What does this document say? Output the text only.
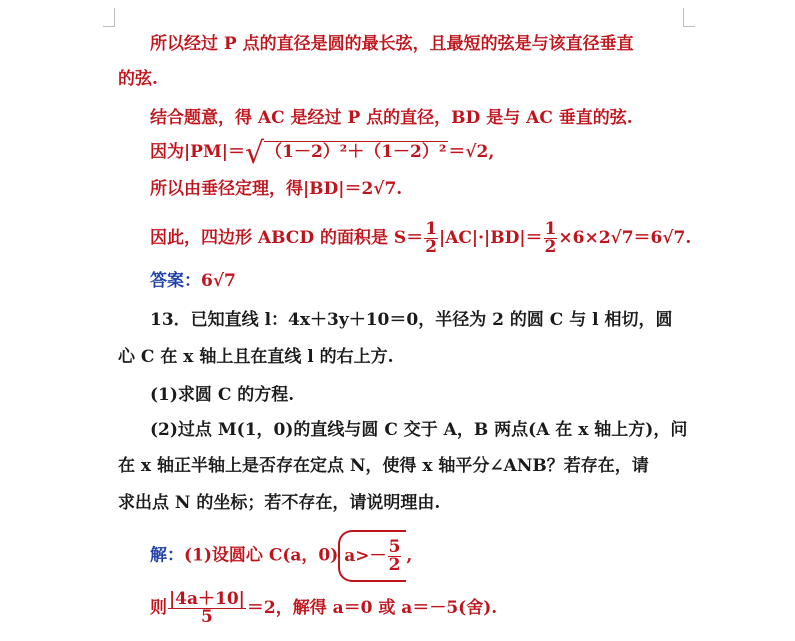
所以经过 P 点的直径是圆的最长弦，且最短的弦是与该直径垂直
的弦.
结合题意，得 AC 是经过 P 点的直径，BD 是与 AC 垂直的弦.
因为|PM|＝√（1－2）²＋（1－2）² ＝√2,
所以由垂径定理，得|BD|＝2√7.
因此，四边形 ABCD 的面积是 $S= \frac{1}{2} |AC|\cdot|BD|= \frac{1}{2} \times 6\times 2√7=6√7$.
答案：6√7
13．已知直线 l：4x＋3y＋10＝0，半径为 2 的圆 C 与 l 相切，圆
心 C 在 x 轴上且在直线 l 的右上方.
(1)求圆 C 的方程.
(2)过点 M(1，0)的直线与圆 C 交于 A，B 两点(A 在 x 轴上方)，问
在 x 轴正半轴上是否存在定点 N，使得 x 轴平分∠ANB？若存在，请
求出点 N 的坐标；若不存在，请说明理由.
解：(1)设圆心 C(a，0) $a>- \frac{5}{2}$ ,
则 $\frac{|4a+10|}{5} =2$，解得 a＝0 或 a＝－5(舍).
